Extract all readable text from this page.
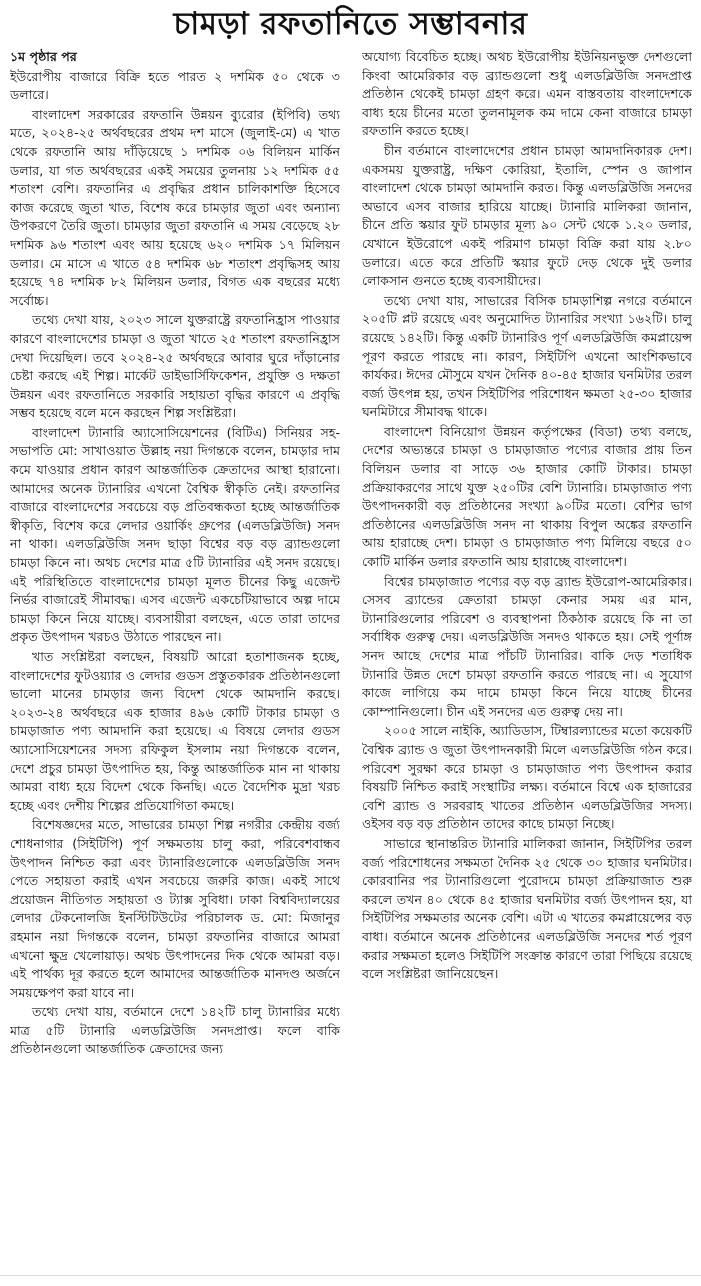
চামড়া রফতানিতে সম্ভাবনার

১ম পৃষ্ঠার পর

ইউরোপীয় বাজারে বিক্রি হতে পারত ২ দশমিক ৫০ থেকে ৩ ডলারে।

বাংলাদেশ সরকারের রফতানি উন্নয়ন ব্যুরোর (ইপিবি) তথ্য মতে, ২০২৪-২৫ অর্থবছরের প্রথম দশ মাসে (জুলাই-মে) এ খাত থেকে রফতানি আয় দাঁড়িয়েছে ১ দশমিক ০৬ বিলিয়ন মার্কিন ডলার, যা গত অর্থবছরের একই সময়ের তুলনায় ১২ দশমিক ৫৫ শতাংশ বেশি। রফতানির এ প্রবৃদ্ধির প্রধান চালিকাশক্তি হিসেবে কাজ করেছে জুতা খাত, বিশেষ করে চামড়ার জুতা এবং অন্যান্য উপকরণে তৈরি জুতা। চামড়ার জুতা রফতানি এ সময় বেড়েছে ২৮ দশমিক ৯৬ শতাংশ এবং আয় হয়েছে ৬২০ দশমিক ১৭ মিলিয়ন ডলার। মে মাসে এ খাতে ৫৪ দশমিক ৬৮ শতাংশ প্রবৃদ্ধিসহ আয় হয়েছে ৭৪ দশমিক ৮২ মিলিয়ন ডলার, বিগত এক বছরের মধ্যে সর্বোচ্চ।

তথ্যে দেখা যায়, ২০২৩ সালে যুক্তরাষ্ট্রে রফতানিহ্রাস পাওয়ার কারণে বাংলাদেশের চামড়া ও জুতা খাতে ২৫ শতাংশ রফতানিহ্রাস দেখা দিয়েছিল। তবে ২০২৪-২৫ অর্থবছরে আবার ঘুরে দাঁড়ানোর চেষ্টা করছে এই শিল্প। মার্কেট ডাইভার্সিফিকেশন, প্রযুক্তি ও দক্ষতা উন্নয়ন এবং রফতানিতে সরকারি সহায়তা বৃদ্ধির কারণে এ প্রবৃদ্ধি সম্ভব হয়েছে বলে মনে করছেন শিল্প সংশ্লিষ্টরা।

বাংলাদেশ ট্যানারি অ্যাসোসিয়েশনের (বিটিএ) সিনিয়র সহ-সভাপতি মো: সাখাওয়াত উল্লাহ নয়া দিগন্তকে বলেন, চামড়ার দাম কমে যাওয়ার প্রধান কারণ আন্তর্জাতিক ক্রেতাদের আস্থা হারানো। আমাদের অনেক ট্যানারির এখনো বৈশ্বিক স্বীকৃতি নেই। রফতানির বাজারে বাংলাদেশের সবচেয়ে বড় প্রতিবন্ধকতা হচ্ছে আন্তর্জাতিক স্বীকৃতি, বিশেষ করে লেদার ওয়ার্কিং গ্রুপের (এলডব্লিউজি) সনদ না থাকা। এলডব্লিউজি সনদ ছাড়া বিশ্বের বড় বড় ব্র্যান্ডগুলো চামড়া কিনে না। অথচ দেশের মাত্র ৫টি ট্যানারির এই সনদ রয়েছে। এই পরিস্থিতিতে বাংলাদেশের চামড়া মূলত চীনের কিছু এজেন্ট নির্ভর বাজারেই সীমাবদ্ধ। এসব এজেন্ট একচেটিয়াভাবে অল্প দামে চামড়া কিনে নিয়ে যাচ্ছে। ব্যবসায়ীরা বলছেন, এতে তারা তাদের প্রকৃত উৎপাদন খরচও উঠাতে পারছেন না।

খাত সংশ্লিষ্টরা বলছেন, বিষয়টি আরো হতাশাজনক হচ্ছে, বাংলাদেশের ফুটওয়্যার ও লেদার গুডস প্রস্তুতকারক প্রতিষ্ঠানগুলো ভালো মানের চামড়ার জন্য বিদেশ থেকে আমদানি করছে। ২০২৩-২৪ অর্থবছরে এক হাজার ৪৯৬ কোটি টাকার চামড়া ও চামড়াজাত পণ্য আমদানি করা হয়েছে। এ বিষয়ে লেদার গুডস অ্যাসোসিয়েশনের সদস্য রফিকুল ইসলাম নয়া দিগন্তকে বলেন, দেশে প্রচুর চামড়া উৎপাদিত হয়, কিন্তু আন্তর্জাতিক মান না থাকায় আমরা বাধ্য হয়ে বিদেশ থেকে কিনছি। এতে বৈদেশিক মুদ্রা খরচ হচ্ছে এবং দেশীয় শিল্পের প্রতিযোগিতা কমছে।

বিশেষজ্ঞদের মতে, সাভারের চামড়া শিল্প নগরীর কেন্দ্রীয় বর্জ্য শোধনাগার (সিইটিপি) পূর্ণ সক্ষমতায় চালু করা, পরিবেশবান্ধব উৎপাদন নিশ্চিত করা এবং ট্যানারিগুলোকে এলডব্লিউজি সনদ পেতে সহায়তা করাই এখন সবচেয়ে জরুরি কাজ। একই সাথে প্রয়োজন নীতিগত সহায়তা ও ট্যাক্স সুবিধা। ঢাকা বিশ্ববিদ্যালয়ের লেদার টেকনোলজি ইনস্টিটিউটের পরিচালক ড. মো: মিজানুর রহমান নয়া দিগন্তকে বলেন, চামড়া রফতানির বাজারে আমরা এখনো ক্ষুদ্র খেলোয়াড়। অথচ উৎপাদনের দিক থেকে আমরা বড়। এই পার্থক্য দূর করতে হলে আমাদের আন্তর্জাতিক মানদণ্ড অর্জনে সময়ক্ষেপণ করা যাবে না।

তথ্যে দেখা যায়, বর্তমানে দেশে ১৪২টি চালু ট্যানারির মধ্যে মাত্র ৫টি ট্যানারি এলডব্লিউজি সনদপ্রাপ্ত। ফলে বাকি প্রতিষ্ঠানগুলো আন্তর্জাতিক ক্রেতাদের জন্য

অযোগ্য বিবেচিত হচ্ছে। অথচ ইউরোপীয় ইউনিয়নভুক্ত দেশগুলো কিংবা আমেরিকার বড় ব্র্যান্ডগুলো শুধু এলডব্লিউজি সনদপ্রাপ্ত প্রতিষ্ঠান থেকেই চামড়া গ্রহণ করে। এমন বাস্তবতায় বাংলাদেশকে বাধ্য হয়ে চীনের মতো তুলনামূলক কম দামে কেনা বাজারে চামড়া রফতানি করতে হচ্ছে।

চীন বর্তমানে বাংলাদেশের প্রধান চামড়া আমদানিকারক দেশ। একসময় যুক্তরাষ্ট্র, দক্ষিণ কোরিয়া, ইতালি, স্পেন ও জাপান বাংলাদেশ থেকে চামড়া আমদানি করত। কিন্তু এলডব্লিউজি সনদের অভাবে এসব বাজার হারিয়ে যাচ্ছে। ট্যানারি মালিকরা জানান, চীনে প্রতি স্কয়ার ফুট চামড়ার মূল্য ৯০ সেন্ট থেকে ১.২০ ডলার, যেখানে ইউরোপে একই পরিমাণ চামড়া বিক্রি করা যায় ২.৮০ ডলারে। এতে করে প্রতিটি স্কয়ার ফুটে দেড় থেকে দুই ডলার লোকসান গুনতে হচ্ছে ব্যবসায়ীদের।

তথ্যে দেখা যায়, সাভারের বিসিক চামড়াশিল্প নগরে বর্তমানে ২০৫টি প্লট রয়েছে এবং অনুমোদিত ট্যানারির সংখ্যা ১৬২টি। চালু রয়েছে ১৪২টি। কিন্তু একটি ট্যানারিও পূর্ণ এলডব্লিউজি কমপ্লায়েন্স পূরণ করতে পারছে না। কারণ, সিইটিপি এখনো আংশিকভাবে কার্যকর। ঈদের মৌসুমে যখন দৈনিক ৪০-৪৫ হাজার ঘনমিটার তরল বর্জ্য উৎপন্ন হয়, তখন সিইটিপির পরিশোধন ক্ষমতা ২৫-৩০ হাজার ঘনমিটারে সীমাবদ্ধ থাকে।

বাংলাদেশ বিনিয়োগ উন্নয়ন কর্তৃপক্ষের (বিডা) তথ্য বলছে, দেশের অভ্যন্তরে চামড়া ও চামড়াজাত পণ্যের বাজার প্রায় তিন বিলিয়ন ডলার বা সাড়ে ৩৬ হাজার কোটি টাকার। চামড়া প্রক্রিয়াকরণের সাথে যুক্ত ২৫০টির বেশি ট্যানারি। চামড়াজাত পণ্য উৎপাদনকারী বড় প্রতিষ্ঠানের সংখ্যা ৯০টির মতো। বেশির ভাগ প্রতিষ্ঠানের এলডব্লিউজি সনদ না থাকায় বিপুল অঙ্কের রফতানি আয় হারাচ্ছে দেশ। চামড়া ও চামড়াজাত পণ্য মিলিয়ে বছরে ৫০ কোটি মার্কিন ডলার রফতানি আয় হারাচ্ছে বাংলাদেশ।

বিশ্বের চামড়াজাত পণ্যের বড় বড় ব্র্যান্ড ইউরোপ-আমেরিকার। সেসব ব্র্যান্ডের ক্রেতারা চামড়া কেনার সময় এর মান, ট্যানারিগুলোর পরিবেশ ও ব্যবস্থাপনা ঠিকঠাক রয়েছে কি না তা সর্বাধিক গুরুত্ব দেয়। এলডব্লিউজি সনদও থাকতে হয়। সেই পূর্ণাঙ্গ সনদ আছে দেশের মাত্র পাঁচটি ট্যানারির। বাকি দেড় শতাধিক ট্যানারি উন্নত দেশে চামড়া রফতানি করতে পারছে না। এ সুযোগ কাজে লাগিয়ে কম দামে চামড়া কিনে নিয়ে যাচ্ছে চীনের কোম্পানিগুলো। চীন এই সনদের এত গুরুত্ব দেয় না।

২০০৫ সালে নাইকি, অ্যাডিডাস, টিম্বারল্যান্ডের মতো কয়েকটি বৈশ্বিক ব্র্যান্ড ও জুতা উৎপাদনকারী মিলে এলডব্লিউজি গঠন করে। পরিবেশ সুরক্ষা করে চামড়া ও চামড়াজাত পণ্য উৎপাদন করার বিষয়টি নিশ্চিত করাই সংস্থাটির লক্ষ্য। বর্তমানে বিশ্বে এক হাজারের বেশি ব্র্যান্ড ও সরবরাহ খাতের প্রতিষ্ঠান এলডব্লিউজির সদস্য। ওইসব বড় বড় প্রতিষ্ঠান তাদের কাছে চামড়া নিচ্ছে।

সাভারে স্থানান্তরিত ট্যানারি মালিকরা জানান, সিইটিপির তরল বর্জ্য পরিশোধনের সক্ষমতা দৈনিক ২৫ থেকে ৩০ হাজার ঘনমিটার। কোরবানির পর ট্যানারিগুলো পুরোদমে চামড়া প্রক্রিয়াজাত শুরু করলে তখন ৪০ থেকে ৪৫ হাজার ঘনমিটার বর্জ্য উৎপাদন হয়, যা সিইটিপির সক্ষমতার অনেক বেশি। এটা এ খাতের কমপ্লায়েন্সের বড় বাধা। বর্তমানে অনেক প্রতিষ্ঠানের এলডব্লিউজি সনদের শর্ত পূরণ করার সক্ষমতা হলেও সিইটিপি সংক্রান্ত কারণে তারা পিছিয়ে রয়েছে বলে সংশ্লিষ্টরা জানিয়েছেন।
